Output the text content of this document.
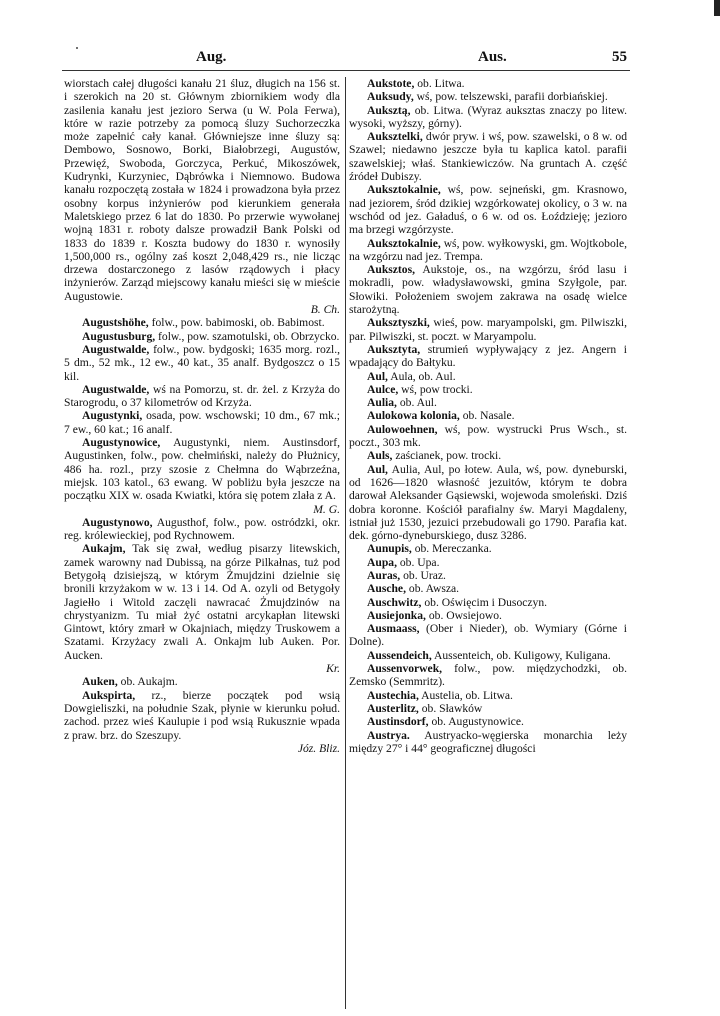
Aug.	Aus.	55

wiorstach całej długości kanału 21 śluz, długich na 156 st. i szerokich na 20 st. Głównym zbiornikiem wody dla zasilenia kanału jest jezioro Serwa (u W. Pola Ferwa), które w razie potrzeby za pomocą śluzy Suchorzeczka może zapełnić cały kanał. Główniejsze inne śluzy są: Dembowo, Sosnowo, Borki, Białobrzegi, Augustów, Przewięź, Swoboda, Gorczyca, Perkuć, Mikoszówek, Kudrynki, Kurzyniec, Dąbrówka i Niemnowo. Budowa kanału rozpoczętą została w 1824 i prowadzona była przez osobny korpus inżynierów pod kierunkiem generała Maletskiego przez 6 lat do 1830. Po przerwie wywołanej wojną 1831 r. roboty dalsze prowadził Bank Polski od 1833 do 1839 r. Koszta budowy do 1830 r. wynosiły 1,500,000 rs., ogólny zaś koszt 2,048,429 rs., nie licząc drzewa dostarczonego z lasów rządowych i płacy inżynierów. Zarząd miejscowy kanału mieści się w mieście Augustowie.

B. Ch.

Augustshöhe, folw., pow. babimoski, ob. Babimost.

Augustusburg, folw., pow. szamotulski, ob. Obrzycko.

Augustwalde, folw., pow. bydgoski; 1635 morg. rozl., 5 dm., 52 mk., 12 ew., 40 kat., 35 analf. Bydgoszcz o 15 kil.

Augustwalde, wś na Pomorzu, st. dr. żel. z Krzyża do Starogrodu, o 37 kilometrów od Krzyża.

Augustynki, osada, pow. wschowski; 10 dm., 67 mk.; 7 ew., 60 kat.; 16 analf.

Augustynowice, Augustynki, niem. Austinsdorf, Augustinken, folw., pow. chełmiński, należy do Płużnicy, 486 ha. rozl., przy szosie z Chełmna do Wąbrzeźna, miejsk. 103 katol., 63 ewang. W pobliżu była jeszcze na początku XIX w. osada Kwiatki, która się potem zlała z A.

M. G.

Augustynowo, Augusthof, folw., pow. ostródzki, okr. reg. królewieckiej, pod Rychnowem.

Aukajm, Tak się zwał, według pisarzy litewskich, zamek warowny nad Dubissą, na górze Pilkałnas, tuż pod Betygołą dzisiejszą, w którym Żmujdzini dzielnie się bronili krzyżakom w w. 13 i 14. Od A. ozyli od Betygoły Jagiełło i Witold zaczęli nawracać Żmujdzinów na chrystyanizm. Tu miał żyć ostatni arcykapłan litewski Gintowt, który zmarł w Okajniach, między Truskowem a Szatami. Krzyżacy zwali A. Onkajm lub Auken. Por. Aucken.

Kr.

Auken, ob. Aukajm.

Aukspirta, rz., bierze początek pod wsią Dowgieliszki, na południe Szak, płynie w kierunku połud. zachod. przez wieś Kaulupie i pod wsią Rukusznie wpada z praw. brz. do Szeszupy.

Józ. Bliz.

Aukstote, ob. Litwa.

Auksudy, wś, pow. telszewski, parafii dorbiańskiej.

Auksztą, ob. Litwa. (Wyraz auksztas znaczy po litew. wysoki, wyższy, górny).

Auksztelki, dwór pryw. i wś, pow. szawelski, o 8 w. od Szawel; niedawno jeszcze była tu kaplica katol. parafii szawelskiej; właś. Stankiewiczów. Na gruntach A. część źródeł Dubiszy.

Auksztokalnie, wś, pow. sejneński, gm. Krasnowo, nad jeziorem, śród dzikiej wzgórkowatej okolicy, o 3 w. na wschód od jez. Gaładuś, o 6 w. od os. Łoździeję; jezioro ma brzegi wzgórzyste.

Auksztokalnie, wś, pow. wyłkowyski, gm. Wojtkobole, na wzgórzu nad jez. Trempa.

Auksztos, Aukstoje, os., na wzgórzu, śród lasu i mokradli, pow. władysławowski, gmina Szyłgole, par. Słowiki. Położeniem swojem zakrawa na osadę wielce starożytną.

Auksztyszki, wieś, pow. maryampolski, gm. Pilwiszki, par. Pilwiszki, st. poczt. w Maryampolu.

Auksztyta, strumień wypływający z jez. Angern i wpadający do Bałtyku.

Aul, Aula, ob. Aul.

Aulce, wś, pow trocki.

Aulia, ob. Aul.

Aulokowa kolonia, ob. Nasale.

Aulowoehnen, wś, pow. wystrucki Prus Wsch., st. poczt., 303 mk.

Auls, zaścianek, pow. trocki.

Aul, Aulia, Aul, po łotew. Aula, wś, pow. dyneburski, od 1626—1820 własność jezuitów, którym te dobra darował Aleksander Gąsiewski, wojewoda smoleński. Dziś dobra koronne. Kościół parafialny św. Maryi Magdaleny, istniał już 1530, jezuici przebudowali go 1790. Parafia kat. dek. górno-dyneburskiego, dusz 3286.

Aunupis, ob. Mereczanka.

Aupa, ob. Upa.

Auras, ob. Uraz.

Ausche, ob. Awsza.

Auschwitz, ob. Oświęcim i Dusoczyn.

Ausiejonka, ob. Owsiejowo.

Ausmaass, (Ober i Nieder), ob. Wymiary (Górne i Dolne).

Aussendeich, Aussenteich, ob. Kuligowy, Kuligana.

Aussenvorwek, folw., pow. międzychodzki, ob. Zemsko (Semmritz).

Austechia, Austelia, ob. Litwa.

Austerlitz, ob. Sławków

Austinsdorf, ob. Augustynowice.

Austrya. Austryacko-węgierska monarchia leży między 27° i 44° geograficznej długości
